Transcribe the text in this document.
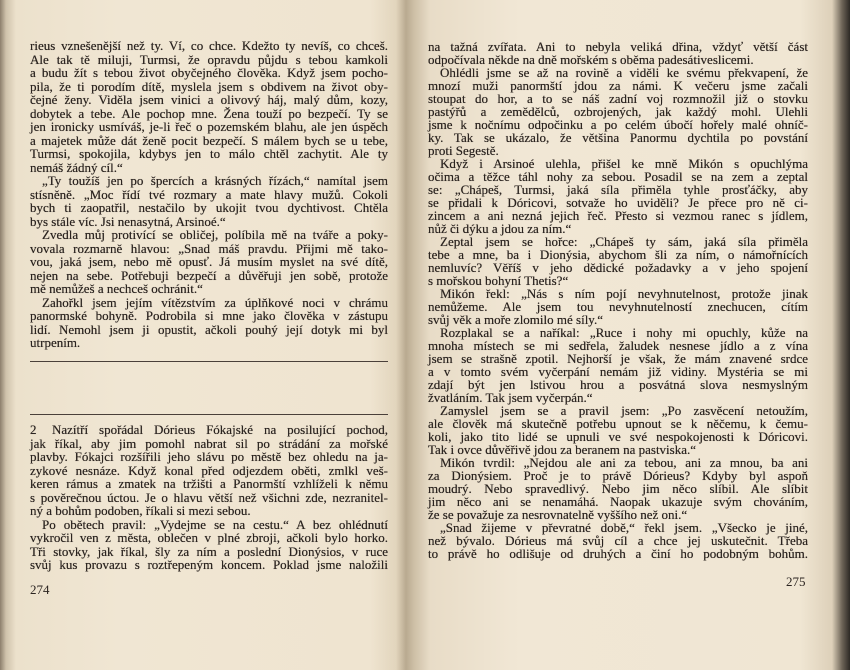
rieus vznešenější než ty. Ví, co chce. Kdežto ty nevíš, co chceš.
Ale tak tě miluji, Turmsi, že opravdu půjdu s tebou kamkoli
a budu žít s tebou život obyčejného člověka. Když jsem pocho-
pila, že ti porodím dítě, myslela jsem s obdivem na život oby-
čejné ženy. Viděla jsem vinici a olivový háj, malý dům, kozy,
dobytek a tebe. Ale pochop mne. Žena touží po bezpečí. Ty se
jen ironicky usmíváš, je-li řeč o pozemském blahu, ale jen úspěch
a majetek může dát ženě pocit bezpečí. S málem bych se u tebe,
Turmsi, spokojila, kdybys jen to málo chtěl zachytit. Ale ty
nemáš žádný cíl.“
„Ty toužíš jen po špercích a krásných řízách,“ namítal jsem
stísněně. „Moc řídí tvé rozmary a mate hlavy mužů. Cokoli
bych ti zaopatřil, nestačilo by ukojit tvou dychtivost. Chtěla
bys stále víc. Jsi nenasytná, Arsinoé.“
Zvedla můj protivící se obličej, políbila mě na tváře a poky-
vovala rozmarně hlavou: „Snad máš pravdu. Přijmi mě tako-
vou, jaká jsem, nebo mě opusť. Já musím myslet na své dítě,
nejen na sebe. Potřebuji bezpečí a důvěřuji jen sobě, protože
mě nemůžeš a nechceš ochránit.“
Zahořkl jsem jejím vítězstvím za úplňkové noci v chrámu
panormské bohyně. Podrobila si mne jako člověka v zástupu
lidí. Nemohl jsem ji opustit, ačkoli pouhý její dotyk mi byl
utrpením.
2	Nazítří spořádal Dórieus Fókajské na posilující pochod,
jak říkal, aby jim pomohl nabrat sil po strádání za mořské
plavby. Fókajci rozšířili jeho slávu po městě bez ohledu na ja-
zykové nesnáze. Když konal před odjezdem oběti, zmlkl veš-
keren rámus a zmatek na tržišti a Panormští vzhlíželi k němu
s pověrečnou úctou. Je o hlavu větší než všichni zde, nezranitel-
ný a bohům podoben, říkali si mezi sebou.
Po obětech pravil: „Vydejme se na cestu.“ A bez ohlédnutí
vykročil ven z města, oblečen v plné zbroji, ačkoli bylo horko.
Tři stovky, jak říkal, šly za ním a poslední Dionýsios, v ruce
svůj kus provazu s roztřepeným koncem. Poklad jsme naložili
274
na tažná zvířata. Ani to nebyla veliká dřina, vždyť větší část
odpočívala někde na dně mořském s oběma padesátiveslicemi.
Ohlédli jsme se až na rovině a viděli ke svému překvapení, že
mnozí muži panormští jdou za námi. K večeru jsme začali
stoupat do hor, a to se náš zadní voj rozmnožil již o stovku
pastýřů a zemědělců, ozbrojených, jak každý mohl. Ulehli
jsme k nočnímu odpočinku a po celém úbočí hořely malé ohníč-
ky. Tak se ukázalo, že většina Panormu dychtila po povstání
proti Segestě.
Když i Arsinoé ulehla, přišel ke mně Mikón s opuchlýma
očima a těžce táhl nohy za sebou. Posadil se na zem a zeptal
se: „Chápeš, Turmsi, jaká síla přiměla tyhle prosťáčky, aby
se přidali k Dóricovi, sotvaže ho uviděli? Je přece pro ně ci-
zincem a ani nezná jejich řeč. Přesto si vezmou ranec s jídlem,
nůž či dýku a jdou za ním.“
Zeptal jsem se hořce: „Chápeš ty sám, jaká síla přiměla
tebe a mne, ba i Dionýsia, abychom šli za ním, o námořnících
nemluvíc? Věříš v jeho dědické požadavky a v jeho spojení
s mořskou bohyní Thetis?“
Mikón řekl: „Nás s ním pojí nevyhnutelnost, protože jinak
nemůžeme. Ale jsem tou nevyhnutelností znechucen, cítím
svůj věk a moře zlomilo mé síly.“
Rozplakal se a naříkal: „Ruce i nohy mi opuchly, kůže na
mnoha místech se mi sedřela, žaludek nesnese jídlo a z vína
jsem se strašně zpotil. Nejhorší je však, že mám znavené srdce
a v tomto svém vyčerpání nemám již vidiny. Mystéria se mi
zdají být jen lstivou hrou a posvátná slova nesmyslným
žvatláním. Tak jsem vyčerpán.“
Zamyslel jsem se a pravil jsem: „Po zasvěcení netoužím,
ale člověk má skutečně potřebu upnout se k něčemu, k čemu-
koli, jako tito lidé se upnuli ve své nespokojenosti k Dóricovi.
Tak i ovce důvěřivě jdou za beranem na pastviska.“
Mikón tvrdil: „Nejdou ale ani za tebou, ani za mnou, ba ani
za Dionýsiem. Proč je to právě Dórieus? Kdyby byl aspoň
moudrý. Nebo spravedlivý. Nebo jim něco slíbil. Ale slíbit
jim něco ani se nenamáhá. Naopak ukazuje svým chováním,
že se považuje za nesrovnatelně vyššího než oni.“
„Snad žijeme v převratné době,“ řekl jsem. „Všecko je jiné,
než bývalo. Dórieus má svůj cíl a chce jej uskutečnit. Třeba
to právě ho odlišuje od druhých a činí ho podobným bohům.
275
